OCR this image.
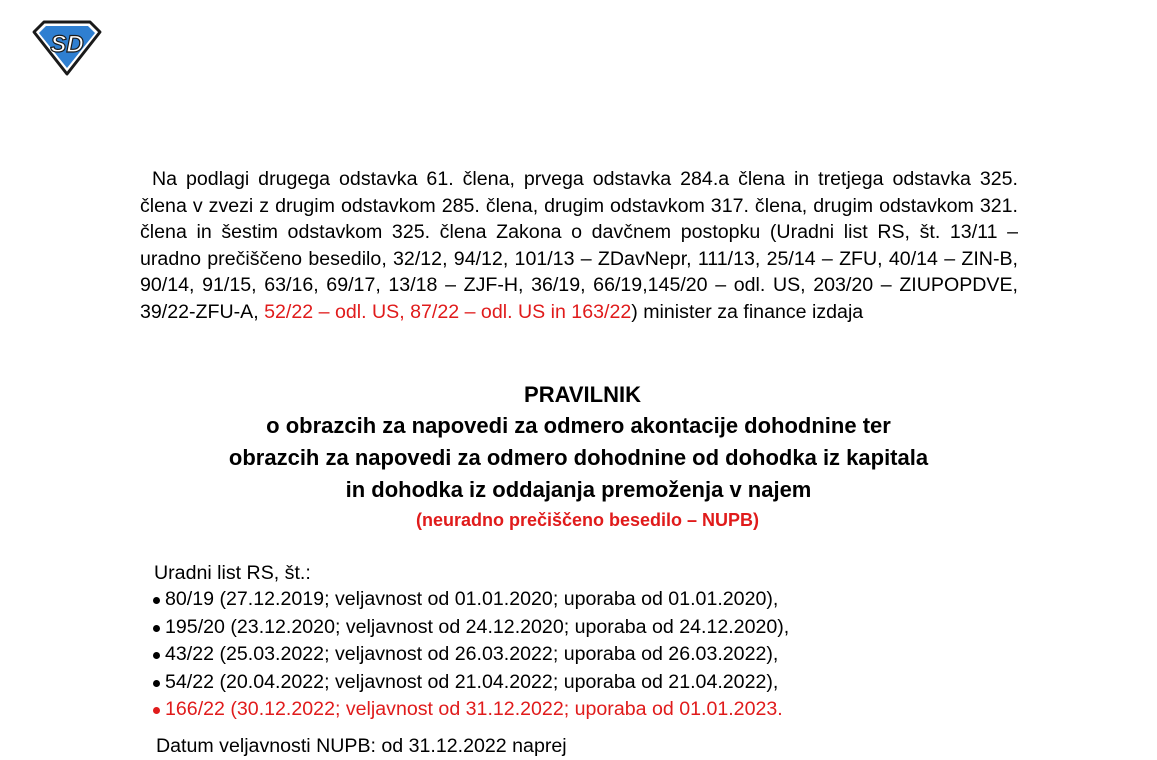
SD

Na podlagi drugega odstavka 61. člena, prvega odstavka 284.a člena in tretjega odstavka 325. člena v zvezi z drugim odstavkom 285. člena, drugim odstavkom 317. člena, drugim odstavkom 321. člena in šestim odstavkom 325. člena Zakona o davčnem postopku (Uradni list RS, št. 13/11 – uradno prečiščeno besedilo, 32/12, 94/12, 101/13 – ZDavNepr, 111/13, 25/14 – ZFU, 40/14 – ZIN-B, 90/14, 91/15, 63/16, 69/17, 13/18 – ZJF-H, 36/19, 66/19,145/20 – odl. US, 203/20 – ZIUPOPDVE, 39/22-ZFU-A, 52/22 – odl. US, 87/22 – odl. US in 163/22) minister za finance izdaja

PRAVILNIK
o obrazcih za napovedi za odmero akontacije dohodnine ter
obrazcih za napovedi za odmero dohodnine od dohodka iz kapitala
in dohodka iz oddajanja premoženja v najem
(neuradno prečiščeno besedilo – NUPB)
Uradni list RS, št.:
80/19 (27.12.2019; veljavnost od 01.01.2020; uporaba od 01.01.2020),
195/20 (23.12.2020; veljavnost od 24.12.2020; uporaba od 24.12.2020),
43/22 (25.03.2022; veljavnost od 26.03.2022; uporaba od 26.03.2022),
54/22 (20.04.2022; veljavnost od 21.04.2022; uporaba od 21.04.2022),
166/22 (30.12.2022; veljavnost od 31.12.2022; uporaba od 01.01.2023.
Datum veljavnosti NUPB: od 31.12.2022 naprej
